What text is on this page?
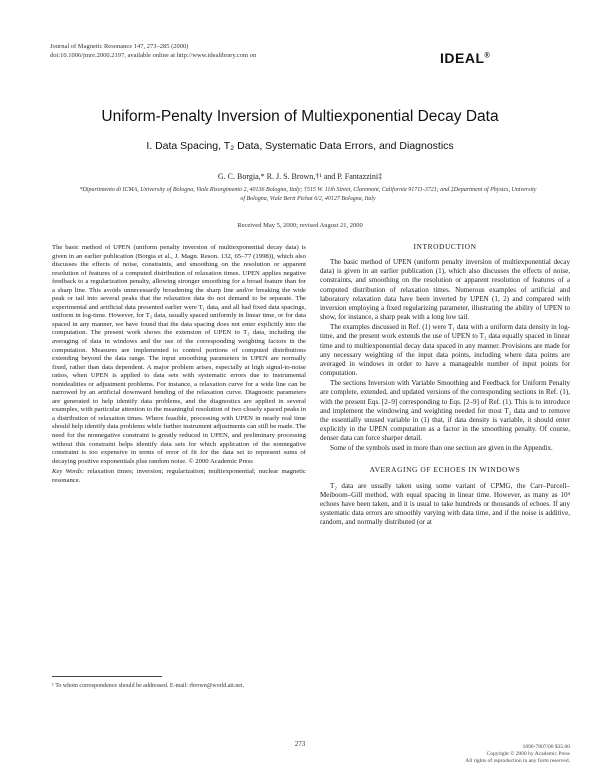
Journal of Magnetic Resonance 147, 273–285 (2000)
doi:10.1006/jmre.2000.2197, available online at http://www.idealibrary.com on	IDEAL®
Uniform-Penalty Inversion of Multiexponential Decay Data
I. Data Spacing, T₂ Data, Systematic Data Errors, and Diagnostics
G. C. Borgia,* R. J. S. Brown,†¹ and P. Fantazzini‡
*Dipartimento di ICMA, University of Bologna, Viale Risorgimento 2, 40136 Bologna, Italy; †515 W. 11th Street, Claremont, California 91711-3721; and ‡Department of Physics, University of Bologna, Viale Berti Pichat 6/2, 40127 Bologna, Italy
Received May 5, 2000; revised August 21, 2000

The basic method of UPEN (uniform penalty inversion of multiexponential decay data) is given in an earlier publication (Borgia et al., J. Magn. Reson. 132, 65–77 (1998)), which also discusses the effects of noise, constraints, and smoothing on the resolution or apparent resolution of features of a computed distribution of relaxation times. UPEN applies negative feedback to a regularization penalty, allowing stronger smoothing for a broad feature than for a sharp line. This avoids unnecessarily broadening the sharp line and/or breaking the wide peak or tail into several peaks that the relaxation data do not demand to be separate. The experimental and artificial data presented earlier were T₁ data, and all had fixed data spacings, uniform in log-time. However, for T₂ data, usually spaced uniformly in linear time, or for data spaced in any manner, we have found that the data spacing does not enter explicitly into the computation. The present work shows the extension of UPEN to T₂ data, including the averaging of data in windows and the use of the corresponding weighting factors in the computation. Measures are implemented to control portions of computed distributions extending beyond the data range. The input smoothing parameters in UPEN are normally fixed, rather than data dependent. A major problem arises, especially at high signal-to-noise ratios, when UPEN is applied to data sets with systematic errors due to instrumental nonidealities or adjustment problems. For instance, a relaxation curve for a wide line can be narrowed by an artificial downward bending of the relaxation curve. Diagnostic parameters are generated to help identify data problems, and the diagnostics are applied in several examples, with particular attention to the meaningful resolution of two closely spaced peaks in a distribution of relaxation times. Where feasible, processing with UPEN in nearly real time should help identify data problems while further instrument adjustments can still be made. The need for the nonnegative constraint is greatly reduced in UPEN, and preliminary processing without this constraint helps identify data sets for which application of the nonnegative constraint is too expensive in terms of error of fit for the data set to represent sums of decaying positive exponentials plus random noise. © 2000 Academic Press

Key Words: relaxation times; inversion; regularization; multiexponential; nuclear magnetic resonance.

¹ To whom correspondence should be addressed. E-mail: rbrown@world.att.net.
INTRODUCTION

The basic method of UPEN (uniform penalty inversion of multiexponential decay data) is given in an earlier publication (1), which also discusses the effects of noise, constraints, and smoothing on the resolution or apparent resolution of features of a computed distribution of relaxation times. Numerous examples of artificial and laboratory relaxation data have been inverted by UPEN (1, 2) and compared with inversion employing a fixed regularizing parameter, illustrating the ability of UPEN to show, for instance, a sharp peak with a long low tail.

The examples discussed in Ref. (1) were T₁ data with a uniform data density in log-time, and the present work extends the use of UPEN to T₂ data equally spaced in linear time and to multiexponential decay data spaced in any manner. Provisions are made for any necessary weighting of the input data points, including where data points are averaged in windows in order to have a manageable number of input points for computation.

The sections Inversion with Variable Smoothing and Feedback for Uniform Penalty are complete, extended, and updated versions of the corresponding sections in Ref. (1), with the present Eqs. [2–9] corresponding to Eqs. [2–9] of Ref. (1). This is to introduce and implement the windowing and weighting needed for most T₂ data and to remove the essentially unused variable in (1) that, if data density is variable, it should enter explicitly in the UPEN computation as a factor in the smoothing penalty. Of course, denser data can force sharper detail.

Some of the symbols used in more than one section are given in the Appendix.

AVERAGING OF ECHOES IN WINDOWS

T₂ data are usually taken using some variant of CPMG, the Carr–Purcell–Meiboom–Gill method, with equal spacing in linear time. However, as many as 10⁴ echoes have been taken, and it is usual to take hundreds or thousands of echoes. If any systematic data errors are smoothly varying with data time, and if the noise is additive, random, and normally distributed (or at

273	1090-7807/00 $35.00
Copyright © 2000 by Academic Press
All rights of reproduction in any form reserved.
